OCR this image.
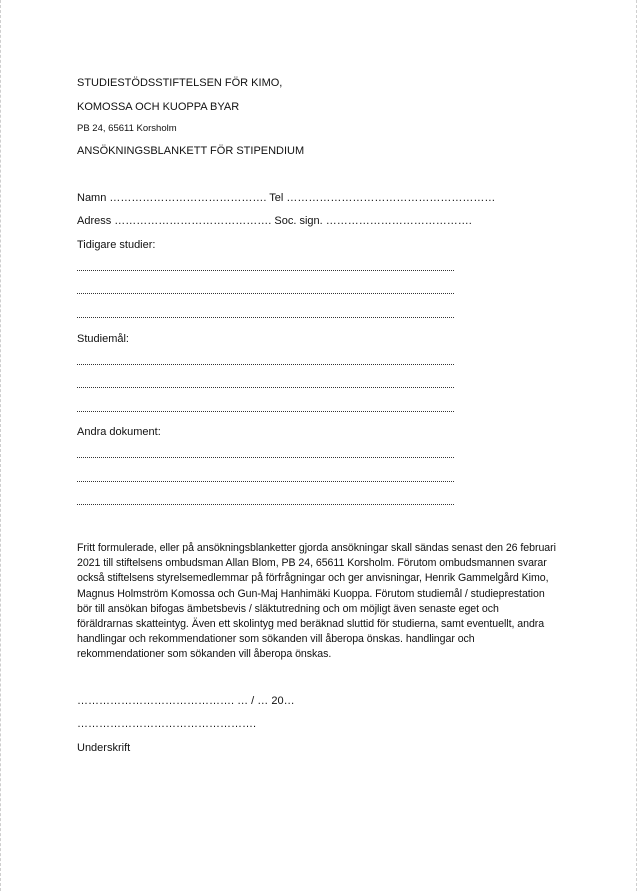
STUDIESTÖDSSTIFTELSEN FÖR KIMO,
KOMOSSA OCH KUOPPA BYAR
PB 24, 65611 Korsholm
ANSÖKNINGSBLANKETT FÖR STIPENDIUM
Namn ……………………………………. Tel …………………………………………………
Adress ……………………………………. Soc. sign. ………………………………….
Tidigare studier:
Studiemål:
Andra dokument:
Fritt formulerade, eller på ansökningsblanketter gjorda ansökningar skall sändas senast den 26 februari 2021 till stiftelsens ombudsman Allan Blom, PB 24, 65611 Korsholm. Förutom ombudsmannen svarar också stiftelsens styrelsemedlemmar på förfrågningar och ger anvisningar, Henrik Gammelgård Kimo, Magnus Holmström Komossa och Gun-Maj Hanhimäki Kuoppa. Förutom studiemål / studieprestation bör till ansökan bifogas ämbetsbevis / släktutredning och om möjligt även senaste eget och föräldrarnas skatteintyg. Även ett skolintyg med beräknad sluttid för studierna, samt eventuellt, andra handlingar och rekommendationer som sökanden vill åberopa önskas. handlingar och rekommendationer som sökanden vill åberopa önskas.
……………………………………. … / … 20…
………………………………………….
Underskrift
